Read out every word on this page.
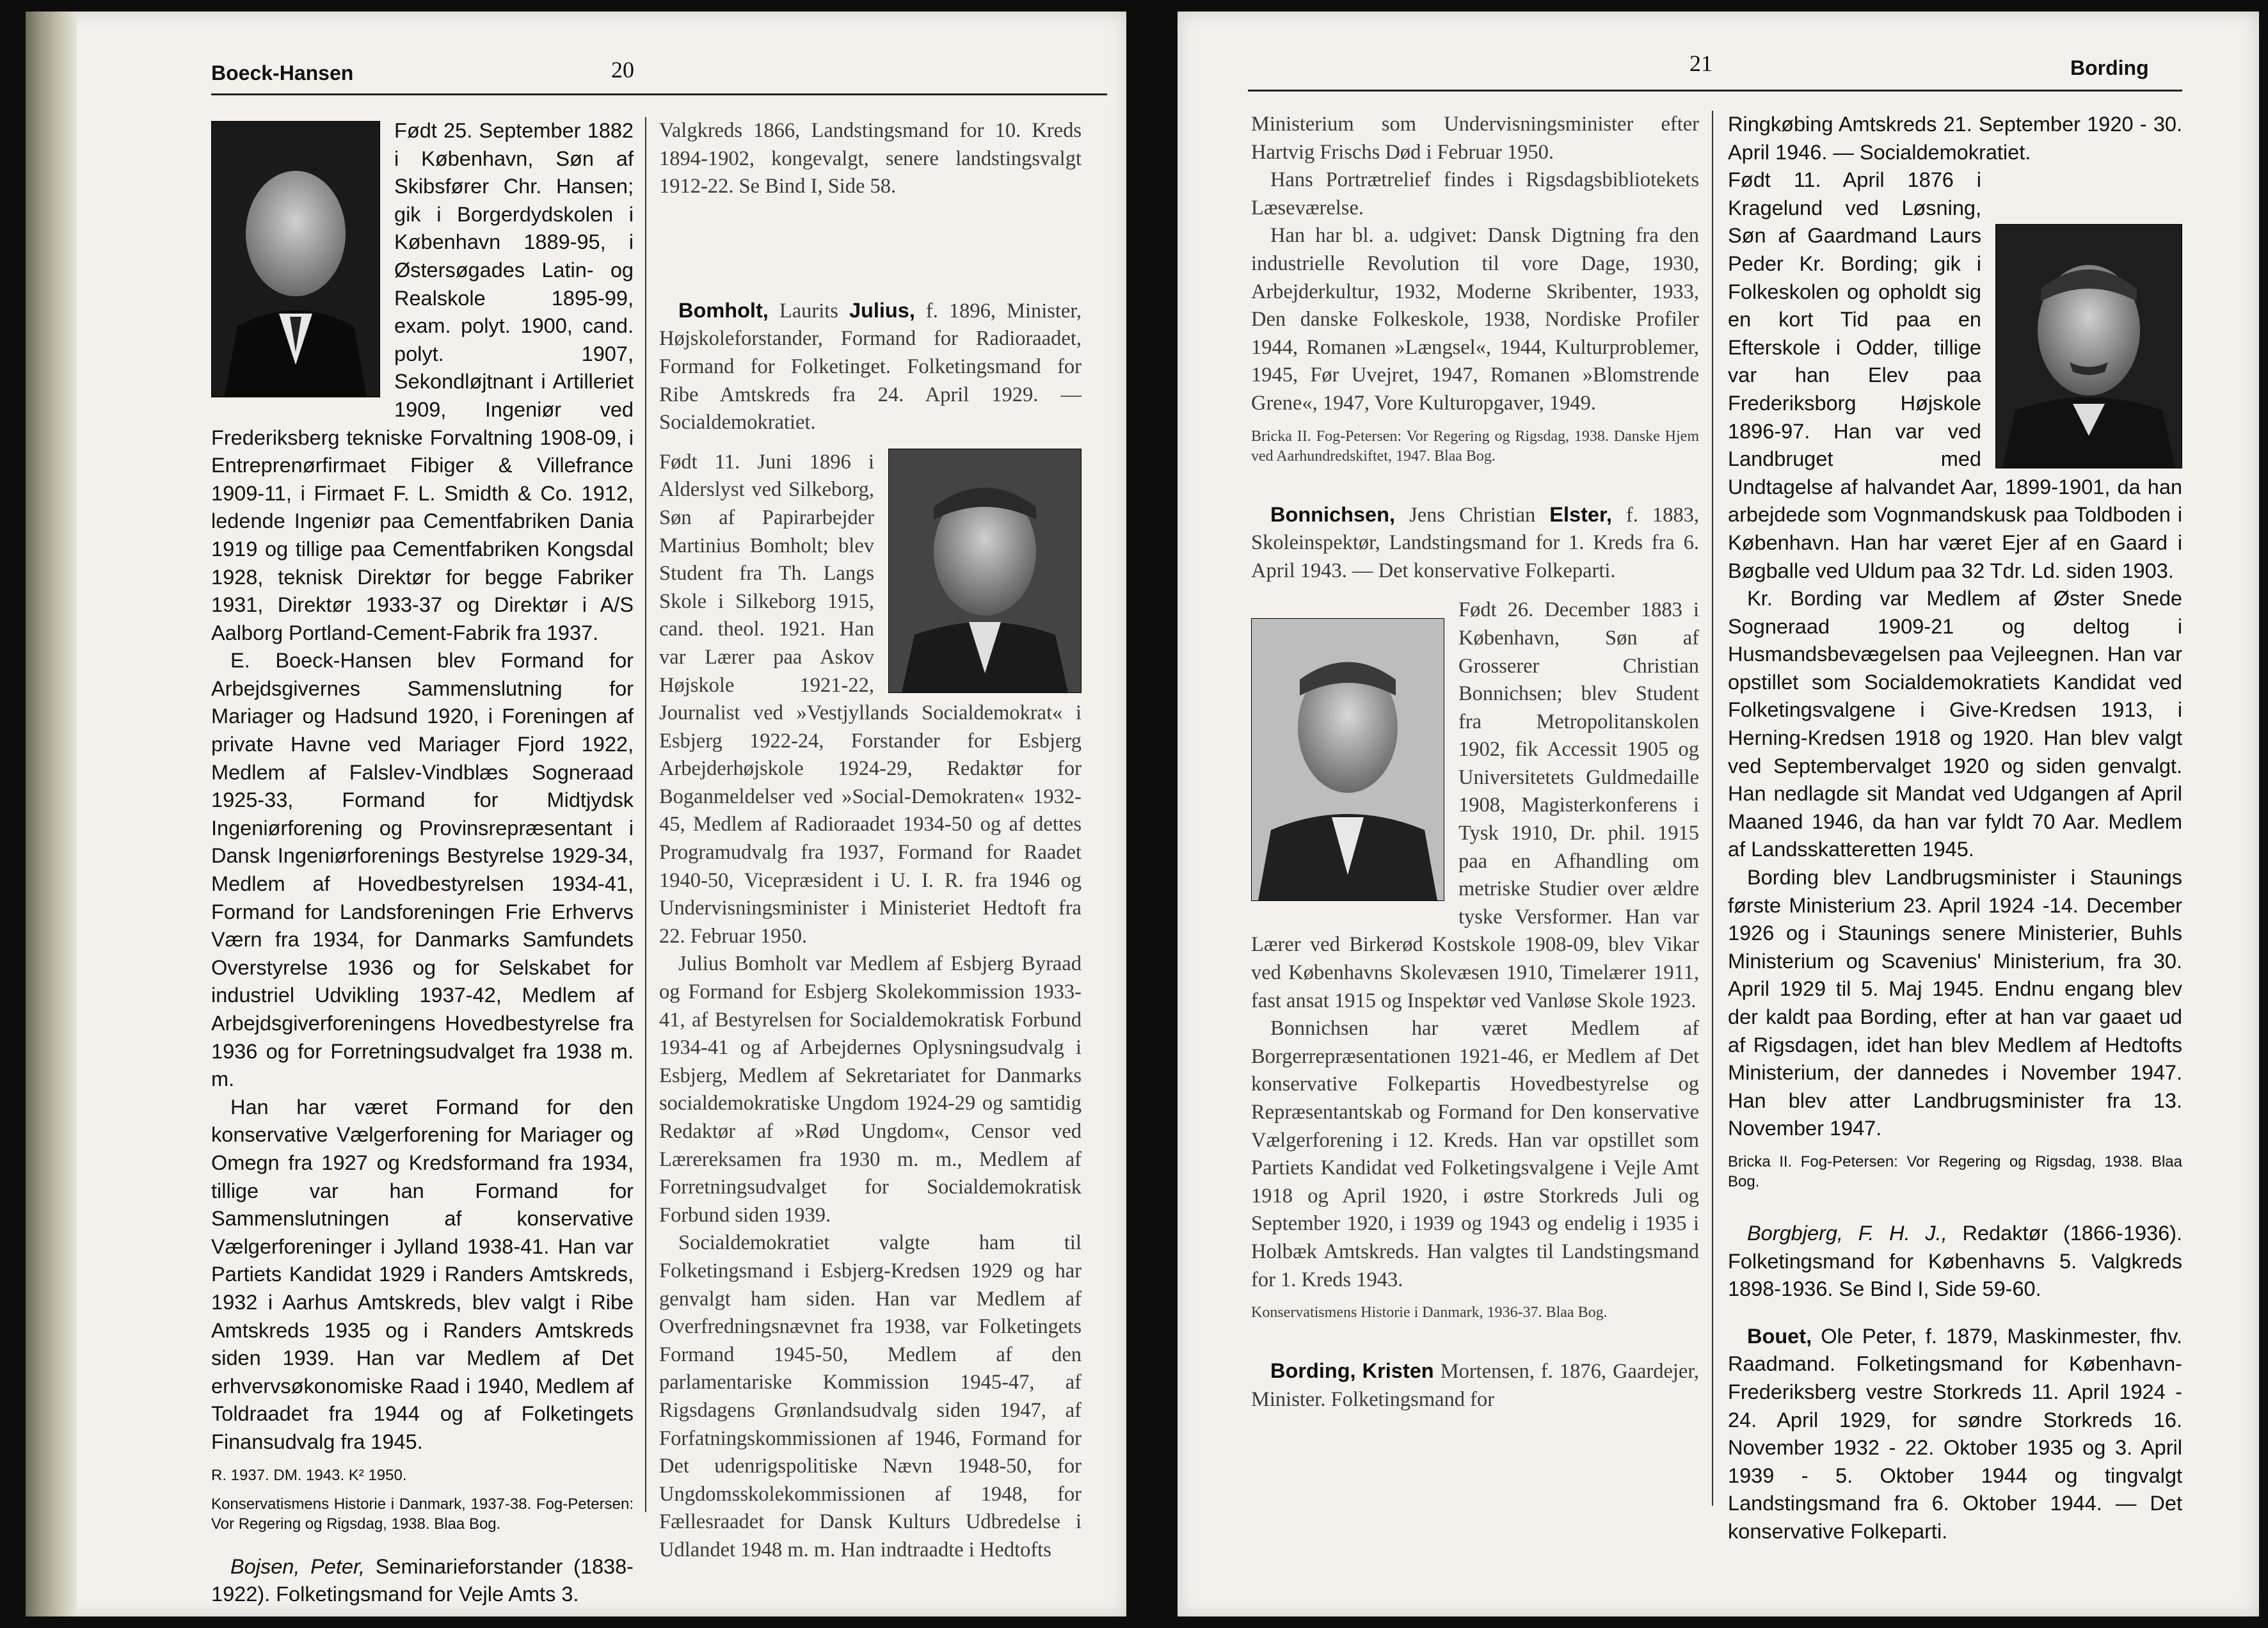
Boeck-Hansen	20

Født 25. September 1882 i København, Søn af Skibsfører Chr. Hansen; gik i Borgerdydskolen i København 1889-95, i Østersøgades Latin- og Realskole 1895-99, exam. polyt. 1900, cand. polyt. 1907, Sekondløjtnant i Artilleriet 1909, Ingeniør ved Frederiksberg tekniske Forvaltning 1908-09, i Entreprenørfirmaet Fibiger & Villefrance 1909-11, i Firmaet F. L. Smidth & Co. 1912, ledende Ingeniør paa Cementfabriken Dania 1919 og tillige paa Cementfabriken Kongsdal 1928, teknisk Direktør for begge Fabriker 1931, Direktør 1933-37 og Direktør i A/S Aalborg Portland-Cement-Fabrik fra 1937.

E. Boeck-Hansen blev Formand for Arbejdsgivernes Sammenslutning for Mariager og Hadsund 1920, i Foreningen af private Havne ved Mariager Fjord 1922, Medlem af Falslev-Vindblæs Sogneraad 1925-33, Formand for Midtjydsk Ingeniørforening og Provinsrepræsentant i Dansk Ingeniørforenings Bestyrelse 1929-34, Medlem af Hovedbestyrelsen 1934-41, Formand for Landsforeningen Frie Erhvervs Værn fra 1934, for Danmarks Samfundets Overstyrelse 1936 og for Selskabet for industriel Udvikling 1937-42, Medlem af Arbejdsgiverforeningens Hovedbestyrelse fra 1936 og for Forretningsudvalget fra 1938 m. m.

Han har været Formand for den konservative Vælgerforening for Mariager og Omegn fra 1927 og Kredsformand fra 1934, tillige var han Formand for Sammenslutningen af konservative Vælgerforeninger i Jylland 1938-41. Han var Partiets Kandidat 1929 i Randers Amtskreds, 1932 i Aarhus Amtskreds, blev valgt i Ribe Amtskreds 1935 og i Randers Amtskreds siden 1939. Han var Medlem af Det erhvervsøkonomiske Raad i 1940, Medlem af Toldraadet fra 1944 og af Folketingets Finansudvalg fra 1945.

R. 1937. DM. 1943. K² 1950.

Konservatismens Historie i Danmark, 1937-38. Fog-Petersen: Vor Regering og Rigsdag, 1938. Blaa Bog.

Bojsen, Peter, Seminarieforstander (1838-1922). Folketingsmand for Vejle Amts 3.

Valgkreds 1866, Landstingsmand for 10. Kreds 1894-1902, kongevalgt, senere landstingsvalgt 1912-22. Se Bind I, Side 58.

Bomholt, Laurits Julius, f. 1896, Minister, Højskoleforstander, Formand for Radioraadet, Formand for Folketinget. Folketingsmand for Ribe Amtskreds fra 24. April 1929. — Socialdemokratiet.

Født 11. Juni 1896 i Alderslyst ved Silkeborg, Søn af Papirarbejder Martinius Bomholt; blev Student fra Th. Langs Skole i Silkeborg 1915, cand. theol. 1921. Han var Lærer paa Askov Højskole 1921-22, Journalist ved »Vestjyllands Socialdemokrat« i Esbjerg 1922-24, Forstander for Esbjerg Arbejderhøjskole 1924-29, Redaktør for Boganmeldelser ved »Social-Demokraten« 1932-45, Medlem af Radioraadet 1934-50 og af dettes Programudvalg fra 1937, Formand for Raadet 1940-50, Vicepræsident i U. I. R. fra 1946 og Undervisningsminister i Ministeriet Hedtoft fra 22. Februar 1950.

Julius Bomholt var Medlem af Esbjerg Byraad og Formand for Esbjerg Skolekommission 1933-41, af Bestyrelsen for Socialdemokratisk Forbund 1934-41 og af Arbejdernes Oplysningsudvalg i Esbjerg, Medlem af Sekretariatet for Danmarks socialdemokratiske Ungdom 1924-29 og samtidig Redaktør af »Rød Ungdom«, Censor ved Lærereksamen fra 1930 m. m., Medlem af Forretningsudvalget for Socialdemokratisk Forbund siden 1939.

Socialdemokratiet valgte ham til Folketingsmand i Esbjerg-Kredsen 1929 og har genvalgt ham siden. Han var Medlem af Overfredningsnævnet fra 1938, var Folketingets Formand 1945-50, Medlem af den parlamentariske Kommission 1945-47, af Rigsdagens Grønlandsudvalg siden 1947, af Forfatningskommissionen af 1946, Formand for Det udenrigspolitiske Nævn 1948-50, for Ungdomsskolekommissionen af 1948, for Fællesraadet for Dansk Kulturs Udbredelse i Udlandet 1948 m. m. Han indtraadte i Hedtofts

21	Bording

Ministerium som Undervisningsminister efter Hartvig Frischs Død i Februar 1950.

Hans Portrætrelief findes i Rigsdagsbibliotekets Læseværelse.

Han har bl. a. udgivet: Dansk Digtning fra den industrielle Revolution til vore Dage, 1930, Arbejderkultur, 1932, Moderne Skribenter, 1933, Den danske Folkeskole, 1938, Nordiske Profiler 1944, Romanen »Længsel«, 1944, Kulturproblemer, 1945, Før Uvejret, 1947, Romanen »Blomstrende Grene«, 1947, Vore Kulturopgaver, 1949.

Bricka II. Fog-Petersen: Vor Regering og Rigsdag, 1938. Danske Hjem ved Aarhundredskiftet, 1947. Blaa Bog.

Bonnichsen, Jens Christian Elster, f. 1883, Skoleinspektør, Landstingsmand for 1. Kreds fra 6. April 1943. — Det konservative Folkeparti.

Født 26. December 1883 i København, Søn af Grosserer Christian Bonnichsen; blev Student fra Metropolitanskolen 1902, fik Accessit 1905 og Universitetets Guldmedaille 1908, Magisterkonferens i Tysk 1910, Dr. phil. 1915 paa en Afhandling om metriske Studier over ældre tyske Versformer. Han var Lærer ved Birkerød Kostskole 1908-09, blev Vikar ved Københavns Skolevæsen 1910, Timelærer 1911, fast ansat 1915 og Inspektør ved Vanløse Skole 1923.

Bonnichsen har været Medlem af Borgerrepræsentationen 1921-46, er Medlem af Det konservative Folkepartis Hovedbestyrelse og Repræsentantskab og Formand for Den konservative Vælgerforening i 12. Kreds. Han var opstillet som Partiets Kandidat ved Folketingsvalgene i Vejle Amt 1918 og April 1920, i østre Storkreds Juli og September 1920, i 1939 og 1943 og endelig i 1935 i Holbæk Amtskreds. Han valgtes til Landstingsmand for 1. Kreds 1943.

Konservatismens Historie i Danmark, 1936-37. Blaa Bog.

Bording, Kristen Mortensen, f. 1876, Gaardejer, Minister. Folketingsmand for

Ringkøbing Amtskreds 21. September 1920 - 30. April 1946. — Socialdemokratiet.

Født 11. April 1876 i Kragelund ved Løsning, Søn af Gaardmand Laurs Peder Kr. Bording; gik i Folkeskolen og opholdt sig en kort Tid paa en Efterskole i Odder, tillige var han Elev paa Frederiksborg Højskole 1896-97. Han var ved Landbruget med Undtagelse af halvandet Aar, 1899-1901, da han arbejdede som Vognmandskusk paa Toldboden i København. Han har været Ejer af en Gaard i Bøgballe ved Uldum paa 32 Tdr. Ld. siden 1903.

Kr. Bording var Medlem af Øster Snede Sogneraad 1909-21 og deltog i Husmandsbevægelsen paa Vejleegnen. Han var opstillet som Socialdemokratiets Kandidat ved Folketingsvalgene i Give-Kredsen 1913, i Herning-Kredsen 1918 og 1920. Han blev valgt ved Septembervalget 1920 og siden genvalgt. Han nedlagde sit Mandat ved Udgangen af April Maaned 1946, da han var fyldt 70 Aar. Medlem af Landsskatteretten 1945.

Bording blev Landbrugsminister i Staunings første Ministerium 23. April 1924 -14. December 1926 og i Staunings senere Ministerier, Buhls Ministerium og Scavenius' Ministerium, fra 30. April 1929 til 5. Maj 1945. Endnu engang blev der kaldt paa Bording, efter at han var gaaet ud af Rigsdagen, idet han blev Medlem af Hedtofts Ministerium, der dannedes i November 1947. Han blev atter Landbrugsminister fra 13. November 1947.

Bricka II. Fog-Petersen: Vor Regering og Rigsdag, 1938. Blaa Bog.

Borgbjerg, F. H. J., Redaktør (1866-1936). Folketingsmand for Københavns 5. Valgkreds 1898-1936. Se Bind I, Side 59-60.

Bouet, Ole Peter, f. 1879, Maskinmester, fhv. Raadmand. Folketingsmand for København-Frederiksberg vestre Storkreds 11. April 1924 - 24. April 1929, for søndre Storkreds 16. November 1932 - 22. Oktober 1935 og 3. April 1939 - 5. Oktober 1944 og tingvalgt Landstingsmand fra 6. Oktober 1944. — Det konservative Folkeparti.
